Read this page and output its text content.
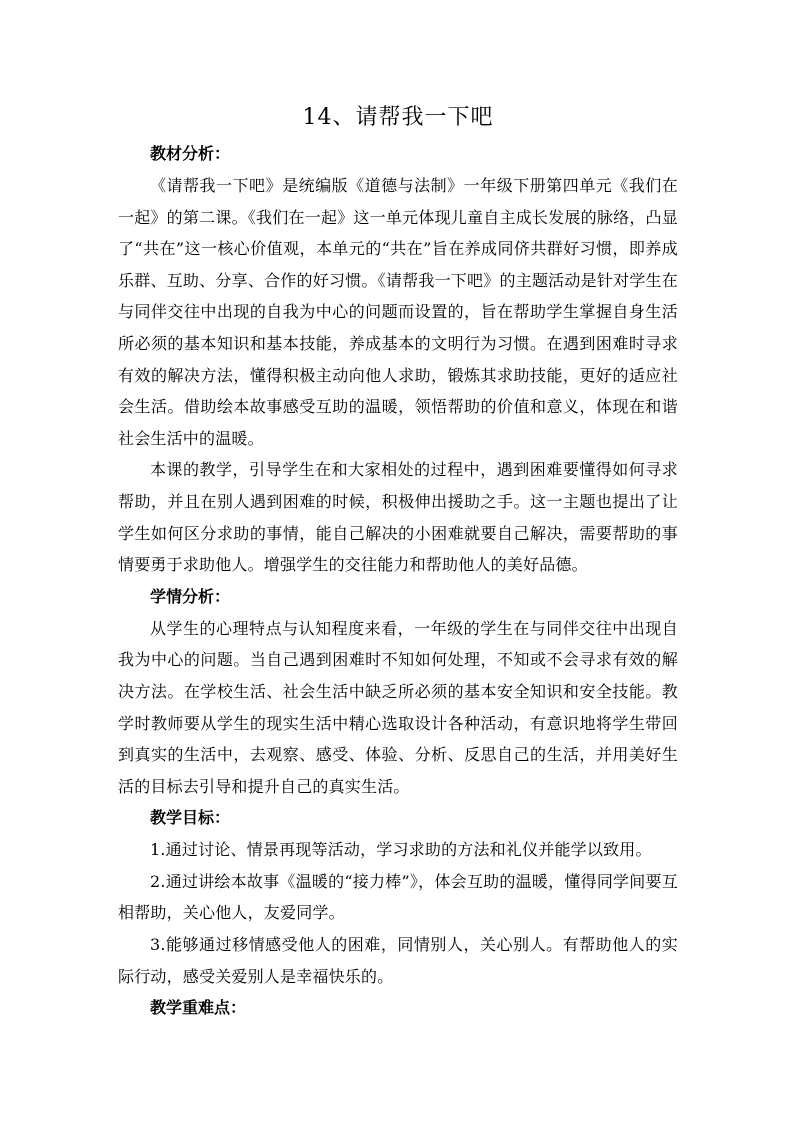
14、请帮我一下吧

教材分析：

《请帮我一下吧》是统编版《道德与法制》一年级下册第四单元《我们在一起》的第二课。《我们在一起》这一单元体现儿童自主成长发展的脉络，凸显了“共在”这一核心价值观，本单元的“共在”旨在养成同侪共群好习惯，即养成乐群、互助、分享、合作的好习惯。《请帮我一下吧》的主题活动是针对学生在与同伴交往中出现的自我为中心的问题而设置的，旨在帮助学生掌握自身生活所必须的基本知识和基本技能，养成基本的文明行为习惯。在遇到困难时寻求有效的解决方法，懂得积极主动向他人求助，锻炼其求助技能，更好的适应社会生活。借助绘本故事感受互助的温暖，领悟帮助的价值和意义，体现在和谐社会生活中的温暖。

本课的教学，引导学生在和大家相处的过程中，遇到困难要懂得如何寻求帮助，并且在别人遇到困难的时候，积极伸出援助之手。这一主题也提出了让学生如何区分求助的事情，能自己解决的小困难就要自己解决，需要帮助的事情要勇于求助他人。增强学生的交往能力和帮助他人的美好品德。

学情分析：

从学生的心理特点与认知程度来看，一年级的学生在与同伴交往中出现自我为中心的问题。当自己遇到困难时不知如何处理，不知或不会寻求有效的解决方法。在学校生活、社会生活中缺乏所必须的基本安全知识和安全技能。教学时教师要从学生的现实生活中精心选取设计各种活动，有意识地将学生带回到真实的生活中，去观察、感受、体验、分析、反思自己的生活，并用美好生活的目标去引导和提升自己的真实生活。

教学目标：

1.通过讨论、情景再现等活动，学习求助的方法和礼仪并能学以致用。

2.通过讲绘本故事《温暖的“接力棒”》，体会互助的温暖，懂得同学间要互相帮助，关心他人，友爱同学。

3.能够通过移情感受他人的困难，同情别人，关心别人。有帮助他人的实际行动，感受关爱别人是幸福快乐的。

教学重难点：
